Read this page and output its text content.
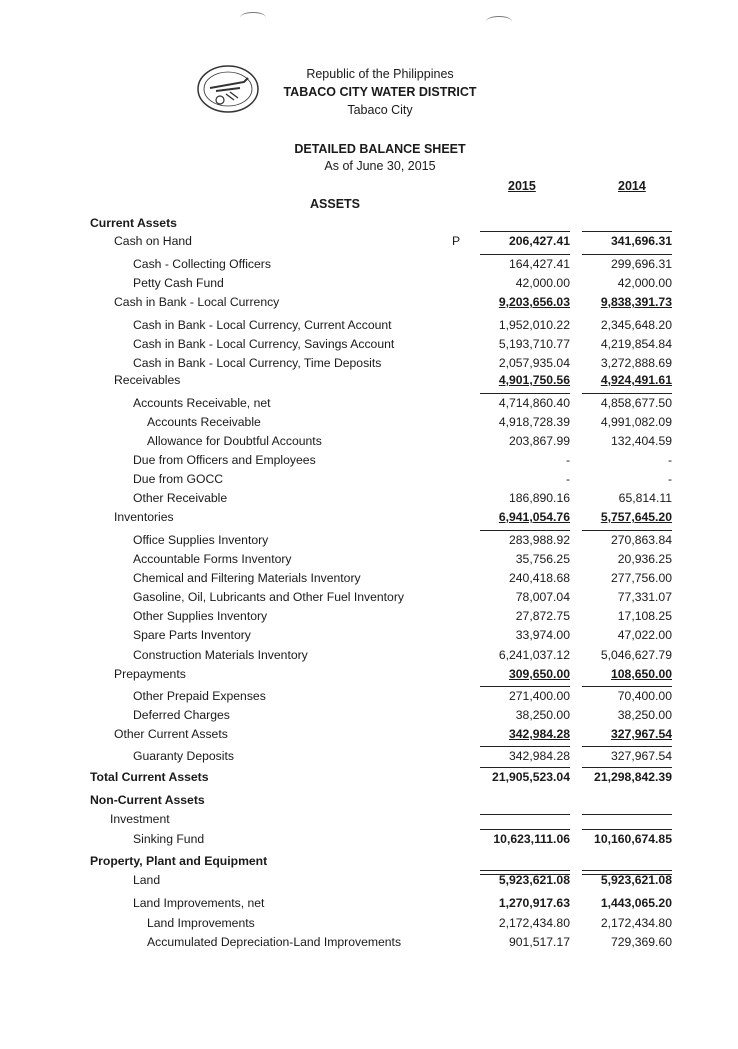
Republic of the Philippines
TABACO CITY WATER DISTRICT
Tabaco City
DETAILED BALANCE SHEET
As of June 30, 2015
2015	2014
ASSETS
Current Assets
Cash on Hand	P	206,427.41	341,696.31
Cash - Collecting Officers	164,427.41	299,696.31
Petty Cash Fund	42,000.00	42,000.00
Cash in Bank - Local Currency	9,203,656.03	9,838,391.73
Cash in Bank - Local Currency, Current Account	1,952,010.22	2,345,648.20
Cash in Bank - Local Currency, Savings Account	5,193,710.77	4,219,854.84
Cash in Bank - Local Currency, Time Deposits	2,057,935.04	3,272,888.69
Receivables	4,901,750.56	4,924,491.61
Accounts Receivable, net	4,714,860.40	4,858,677.50
Accounts Receivable	4,918,728.39	4,991,082.09
Allowance for Doubtful Accounts	203,867.99	132,404.59
Due from Officers and Employees	-	-
Due from GOCC	-	-
Other Receivable	186,890.16	65,814.11
Inventories	6,941,054.76	5,757,645.20
Office Supplies Inventory	283,988.92	270,863.84
Accountable Forms Inventory	35,756.25	20,936.25
Chemical and Filtering Materials Inventory	240,418.68	277,756.00
Gasoline, Oil, Lubricants and Other Fuel Inventory	78,007.04	77,331.07
Other Supplies Inventory	27,872.75	17,108.25
Spare Parts Inventory	33,974.00	47,022.00
Construction Materials Inventory	6,241,037.12	5,046,627.79
Prepayments	309,650.00	108,650.00
Other Prepaid Expenses	271,400.00	70,400.00
Deferred Charges	38,250.00	38,250.00
Other Current Assets	342,984.28	327,967.54
Guaranty Deposits	342,984.28	327,967.54
Total Current Assets	21,905,523.04	21,298,842.39
Non-Current Assets
Investment
Sinking Fund	10,623,111.06	10,160,674.85
Property, Plant and Equipment
Land	5,923,621.08	5,923,621.08
Land Improvements, net	1,270,917.63	1,443,065.20
Land Improvements	2,172,434.80	2,172,434.80
Accumulated Depreciation-Land Improvements	901,517.17	729,369.60
